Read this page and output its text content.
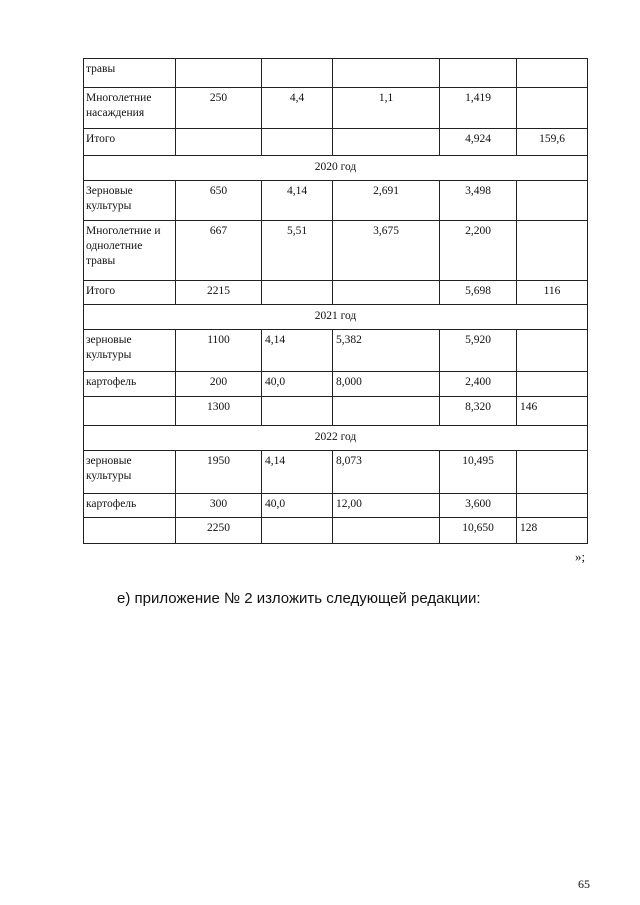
травы					
Многолетние насаждения	250	4,4	1,1	1,419	
Итого				4,924	159,6
2020 год					
Зерновые культуры	650	4,14	2,691	3,498	
Многолетние и однолетние травы	667	5,51	3,675	2,200	
Итого	2215			5,698	116
2021 год					
зерновые культуры	1100	4,14	5,382	5,920	
картофель	200	40,0	8,000	2,400	
	1300			8,320	146
2022 год					
зерновые культуры	1950	4,14	8,073	10,495	
картофель	300	40,0	12,00	3,600	
	2250			10,650	128
»;
е) приложение № 2 изложить следующей редакции:
65
